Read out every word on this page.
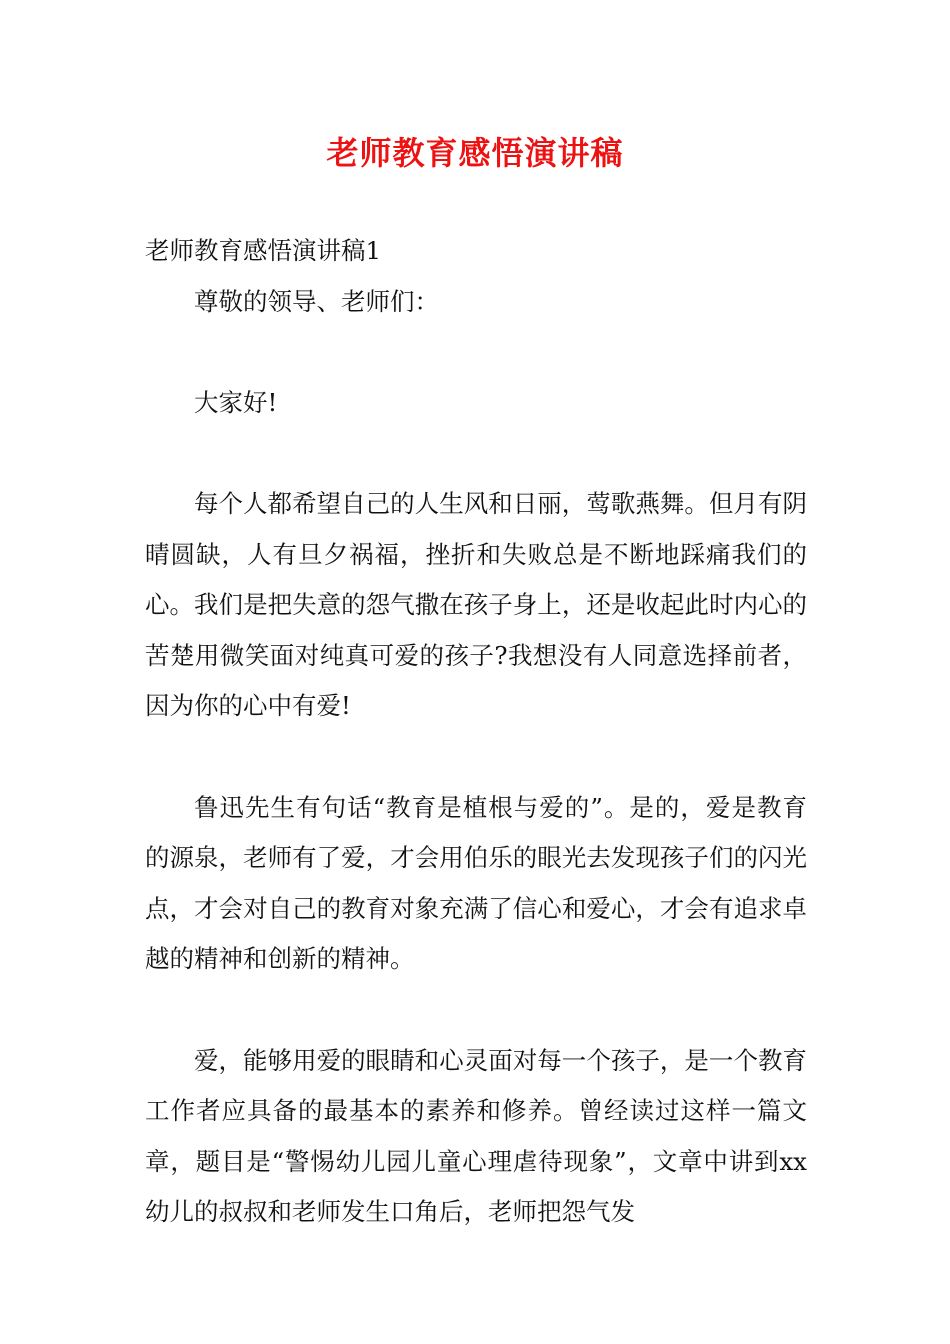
老师教育感悟演讲稿

老师教育感悟演讲稿1

尊敬的领导、老师们：

大家好!

每个人都希望自己的人生风和日丽，莺歌燕舞。但月有阴晴圆缺，人有旦夕祸福，挫折和失败总是不断地踩痛我们的心。我们是把失意的怨气撒在孩子身上，还是收起此时内心的苦楚用微笑面对纯真可爱的孩子?我想没有人同意选择前者，因为你的心中有爱!

鲁迅先生有句话“教育是植根与爱的”。是的，爱是教育的源泉，老师有了爱，才会用伯乐的眼光去发现孩子们的闪光点，才会对自己的教育对象充满了信心和爱心，才会有追求卓越的精神和创新的精神。

爱，能够用爱的眼睛和心灵面对每一个孩子，是一个教育工作者应具备的最基本的素养和修养。曾经读过这样一篇文章，题目是“警惕幼儿园儿童心理虐待现象”，文章中讲到xx幼儿的叔叔和老师发生口角后，老师把怨气发
